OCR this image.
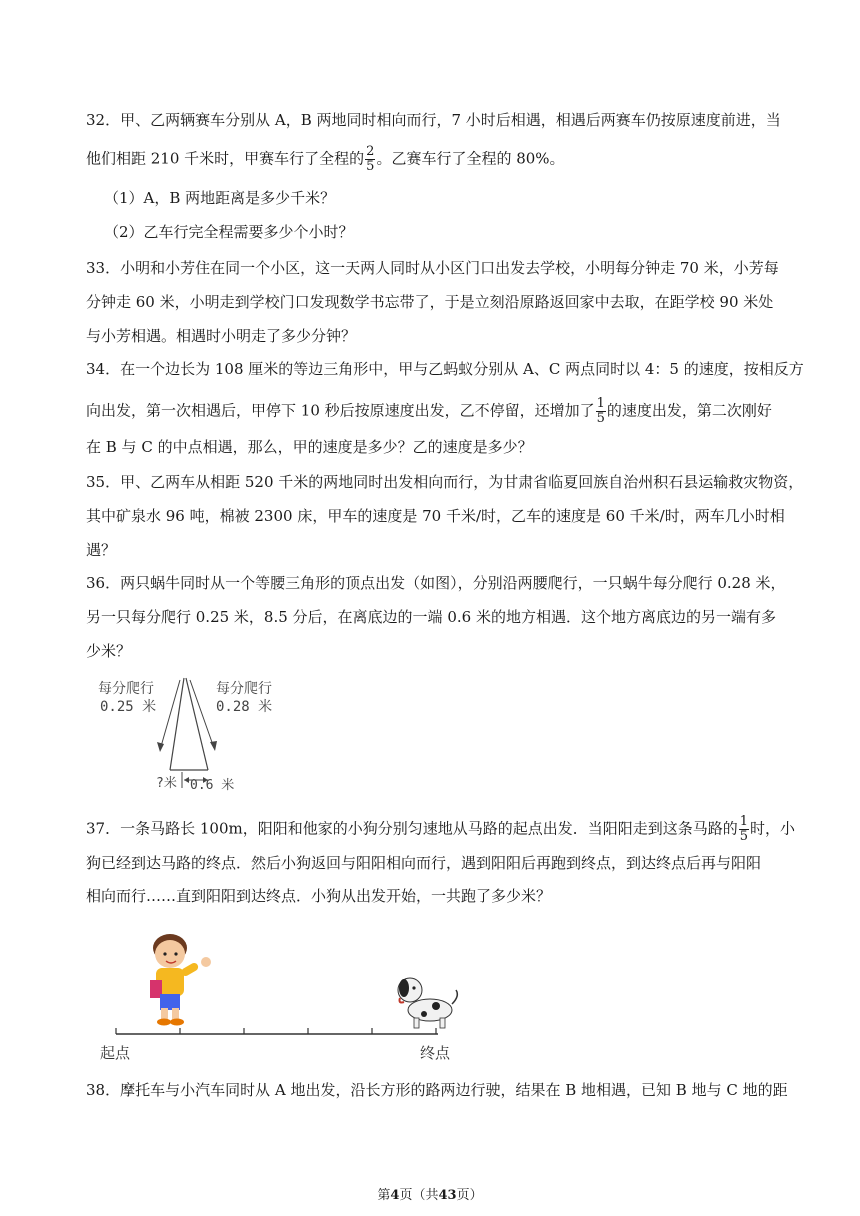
32．甲、乙两辆赛车分别从 A，B 两地同时相向而行，7 小时后相遇，相遇后两赛车仍按原速度前进，当
他们相距 210 千米时，甲赛车行了全程的 $\frac{2}{5}$ 。乙赛车行了全程的 80%。
（1）A，B 两地距离是多少千米？
（2）乙车行完全程需要多少个小时？
33．小明和小芳住在同一个小区，这一天两人同时从小区门口出发去学校，小明每分钟走 70 米，小芳每
分钟走 60 米，小明走到学校门口发现数学书忘带了，于是立刻沿原路返回家中去取，在距学校 90 米处
与小芳相遇。相遇时小明走了多少分钟？
34．在一个边长为 108 厘米的等边三角形中，甲与乙蚂蚁分别从 A、C 两点同时以 4：5 的速度，按相反方
向出发，第一次相遇后，甲停下 10 秒后按原速度出发，乙不停留，还增加了 $\frac{1}{5}$ 的速度出发，第二次刚好
在 B 与 C 的中点相遇，那么，甲的速度是多少？乙的速度是多少？
35．甲、乙两车从相距 520 千米的两地同时出发相向而行，为甘肃省临夏回族自治州积石县运输救灾物资，
其中矿泉水 96 吨，棉被 2300 床，甲车的速度是 70 千米/时，乙车的速度是 60 千米/时，两车几小时相
遇？
36．两只蜗牛同时从一个等腰三角形的顶点出发（如图），分别沿两腰爬行，一只蜗牛每分爬行 0.28 米，
另一只每分爬行 0.25 米，8.5 分后，在离底边的一端 0.6 米的地方相遇．这个地方离底边的另一端有多
少米？
每分爬行
0.25 米
每分爬行
0.28 米
?米 0.6 米
37．一条马路长 100m，阳阳和他家的小狗分别匀速地从马路的起点出发．当阳阳走到这条马路的 $\frac{1}{5}$ 时，小
狗已经到达马路的终点．然后小狗返回与阳阳相向而行，遇到阳阳后再跑到终点，到达终点后再与阳阳
相向而行……直到阳阳到达终点．小狗从出发开始，一共跑了多少米？
起点	终点
38．摩托车与小汽车同时从 A 地出发，沿长方形的路两边行驶，结果在 B 地相遇，已知 B 地与 C 地的距
第4页（共43页）
